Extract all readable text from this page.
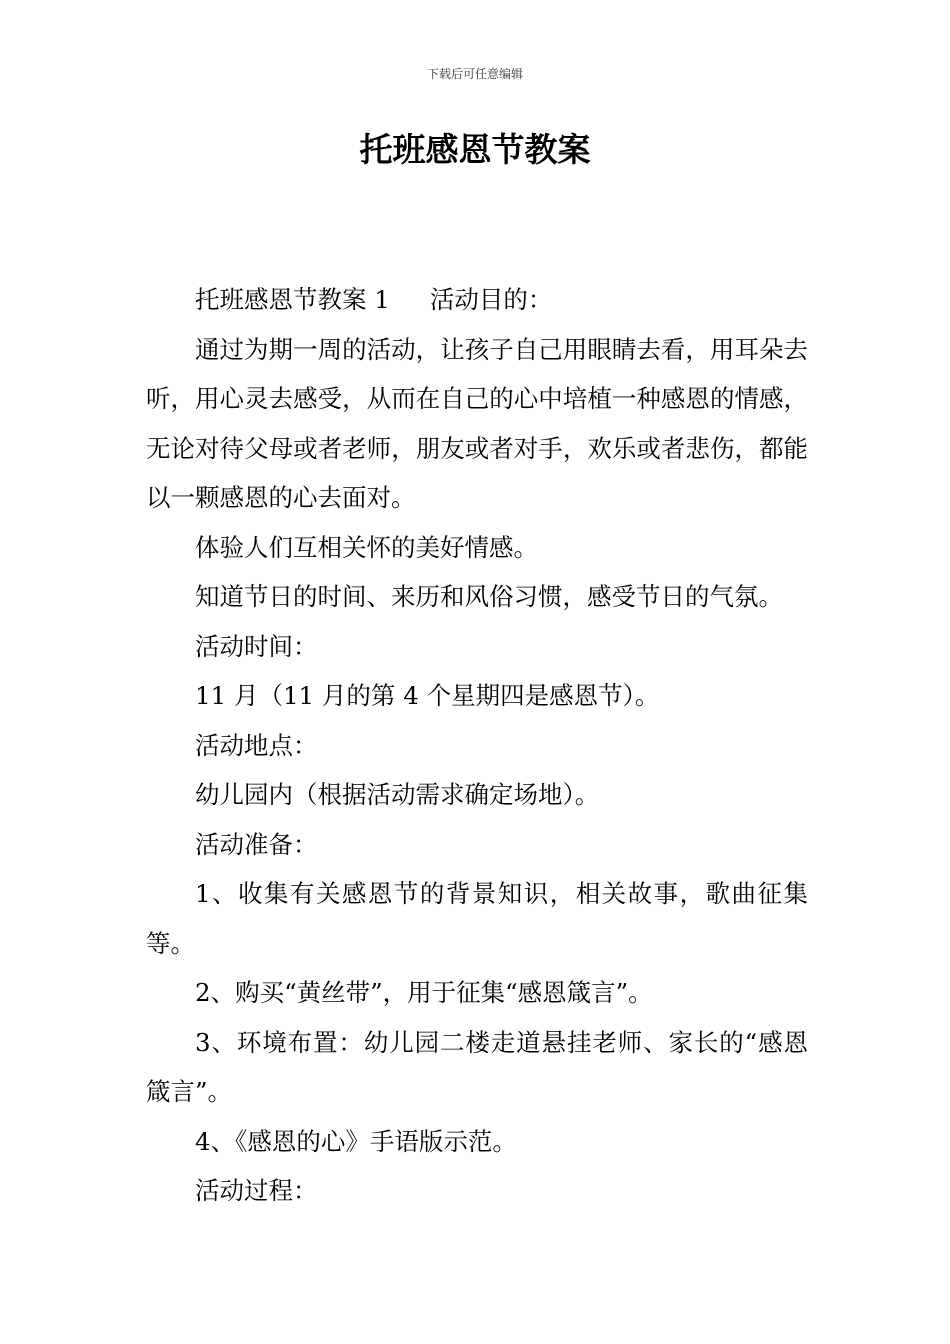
下载后可任意编辑
托班感恩节教案

托班感恩节教案 1 活动目的：

通过为期一周的活动，让孩子自己用眼睛去看，用耳朵去听，用心灵去感受，从而在自己的心中培植一种感恩的情感，无论对待父母或者老师，朋友或者对手，欢乐或者悲伤，都能以一颗感恩的心去面对。

体验人们互相关怀的美好情感。

知道节日的时间、来历和风俗习惯，感受节日的气氛。

活动时间：

11 月（11 月的第 4 个星期四是感恩节）。

活动地点：

幼儿园内（根据活动需求确定场地）。

活动准备：

1、收集有关感恩节的背景知识，相关故事，歌曲征集等。

2、购买“黄丝带”，用于征集“感恩箴言”。

3、环境布置：幼儿园二楼走道悬挂老师、家长的“感恩箴言”。

4、《感恩的心》手语版示范。

活动过程：
